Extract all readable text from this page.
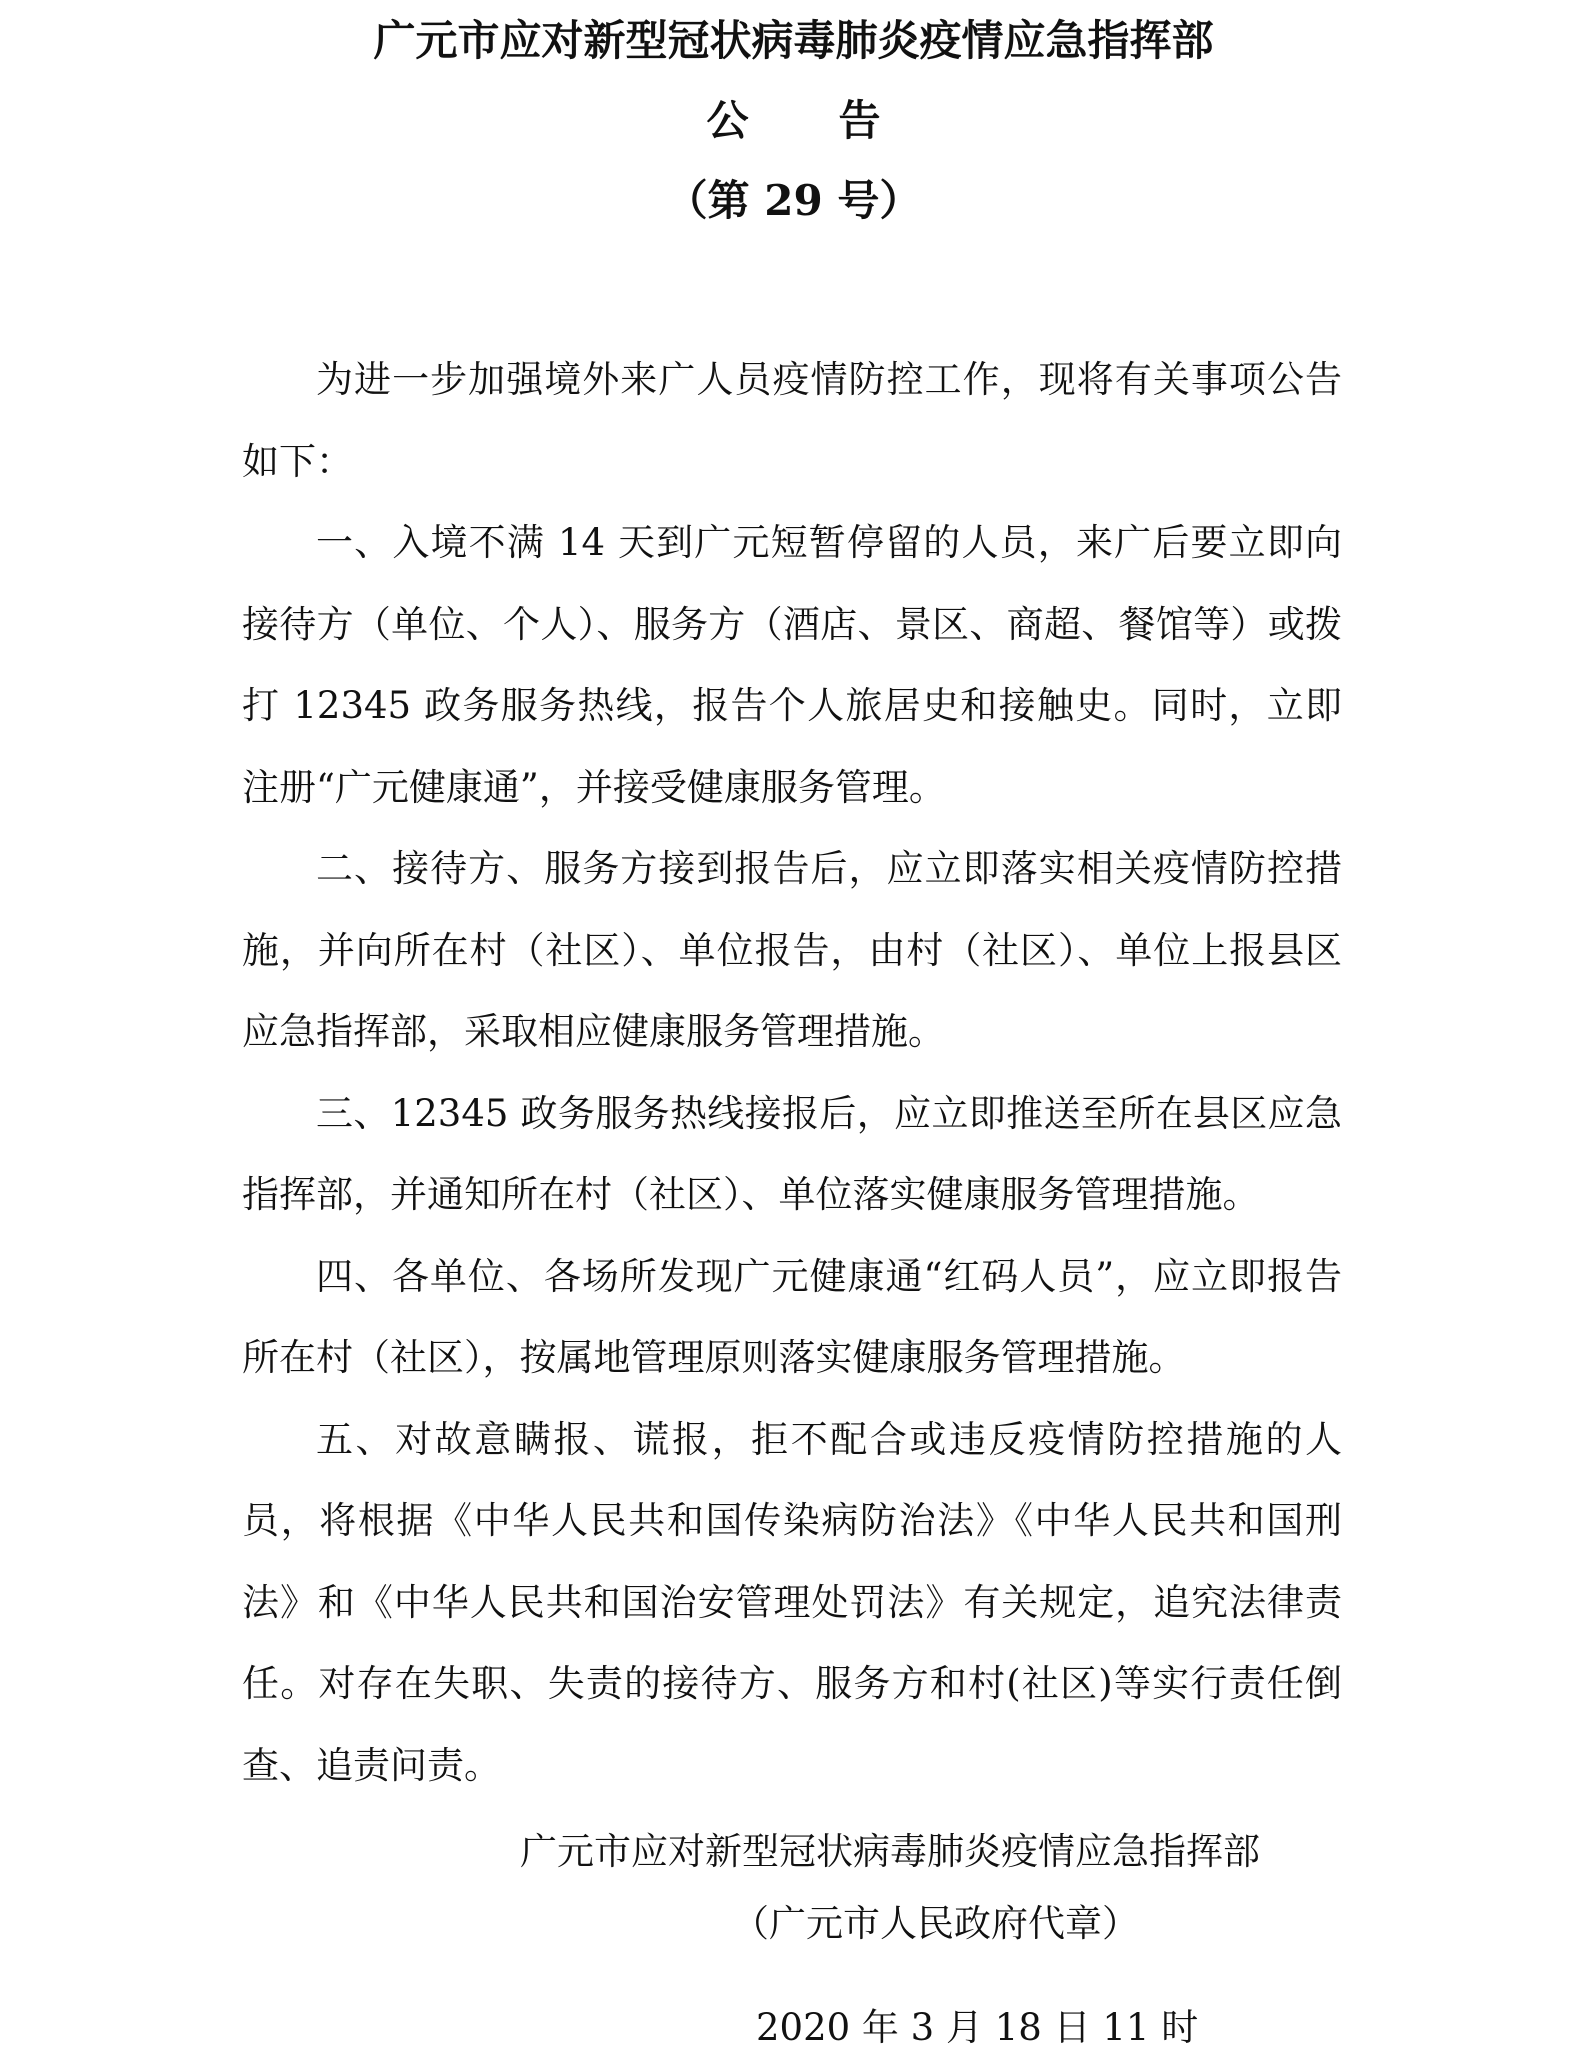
广元市应对新型冠状病毒肺炎疫情应急指挥部
公告
（第 29 号）

为进一步加强境外来广人员疫情防控工作，现将有关事项公告如下：

一、入境不满 14 天到广元短暂停留的人员，来广后要立即向接待方（单位、个人）、服务方（酒店、景区、商超、餐馆等）或拨打 12345 政务服务热线，报告个人旅居史和接触史。同时，立即注册“广元健康通”，并接受健康服务管理。

二、接待方、服务方接到报告后，应立即落实相关疫情防控措施，并向所在村（社区）、单位报告，由村（社区）、单位上报县区应急指挥部，采取相应健康服务管理措施。

三、12345 政务服务热线接报后，应立即推送至所在县区应急指挥部，并通知所在村（社区）、单位落实健康服务管理措施。

四、各单位、各场所发现广元健康通“红码人员”，应立即报告所在村（社区），按属地管理原则落实健康服务管理措施。

五、对故意瞒报、谎报，拒不配合或违反疫情防控措施的人员，将根据《中华人民共和国传染病防治法》《中华人民共和国刑法》和《中华人民共和国治安管理处罚法》有关规定，追究法律责任。对存在失职、失责的接待方、服务方和村(社区)等实行责任倒查、追责问责。

广元市应对新型冠状病毒肺炎疫情应急指挥部
（广元市人民政府代章）
2020 年 3 月 18 日 11 时
